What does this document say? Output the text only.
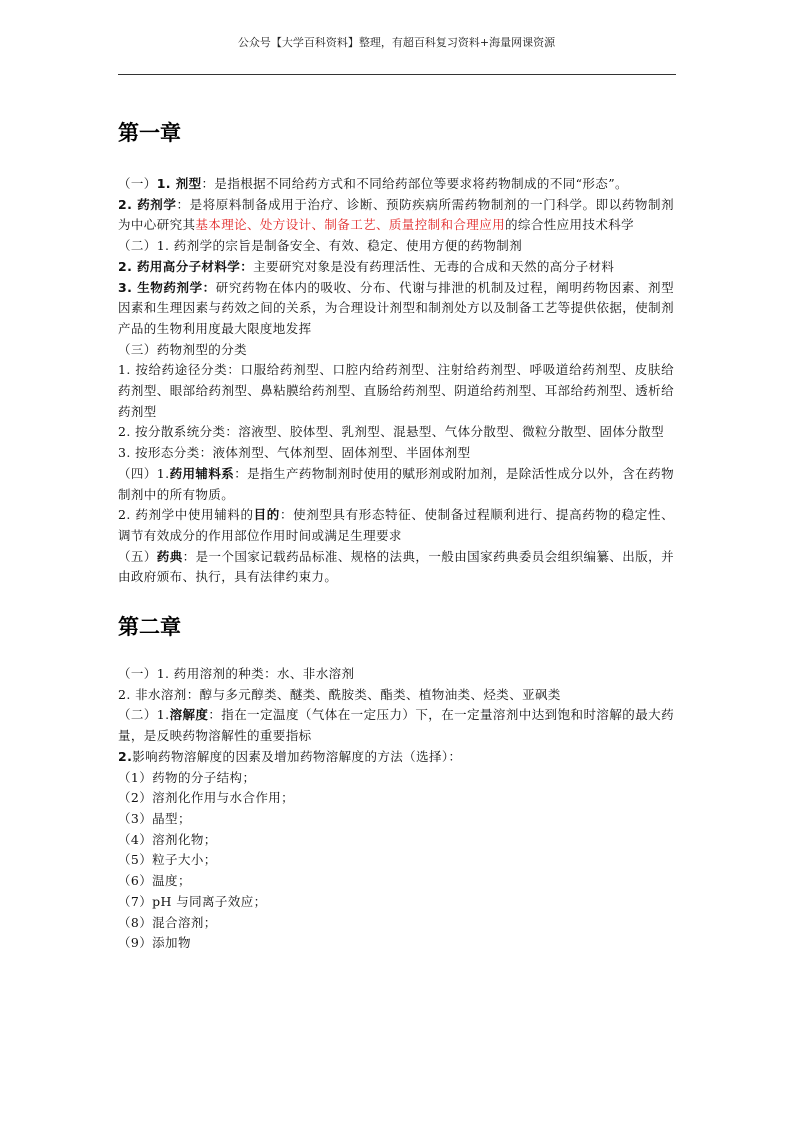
公众号【大学百科资料】整理，有超百科复习资料+海量网课资源
第一章

（一）1. 剂型：是指根据不同给药方式和不同给药部位等要求将药物制成的不同“形态”。

2. 药剂学：是将原料制备成用于治疗、诊断、预防疾病所需药物制剂的一门科学。即以药物制剂为中心研究其基本理论、处方设计、制备工艺、质量控制和合理应用的综合性应用技术科学

（二）1. 药剂学的宗旨是制备安全、有效、稳定、使用方便的药物制剂

2. 药用高分子材料学：主要研究对象是没有药理活性、无毒的合成和天然的高分子材料

3. 生物药剂学：研究药物在体内的吸收、分布、代谢与排泄的机制及过程，阐明药物因素、剂型因素和生理因素与药效之间的关系，为合理设计剂型和制剂处方以及制备工艺等提供依据，使制剂产品的生物利用度最大限度地发挥

（三）药物剂型的分类

1. 按给药途径分类：口服给药剂型、口腔内给药剂型、注射给药剂型、呼吸道给药剂型、皮肤给药剂型、眼部给药剂型、鼻粘膜给药剂型、直肠给药剂型、阴道给药剂型、耳部给药剂型、透析给药剂型

2. 按分散系统分类：溶液型、胶体型、乳剂型、混悬型、气体分散型、微粒分散型、固体分散型

3. 按形态分类：液体剂型、气体剂型、固体剂型、半固体剂型

（四）1.药用辅料系：是指生产药物制剂时使用的赋形剂或附加剂，是除活性成分以外，含在药物制剂中的所有物质。

2. 药剂学中使用辅料的目的：使剂型具有形态特征、使制备过程顺利进行、提高药物的稳定性、调节有效成分的作用部位作用时间或满足生理要求

（五）药典：是一个国家记载药品标准、规格的法典，一般由国家药典委员会组织编纂、出版，并由政府颁布、执行，具有法律约束力。

第二章

（一）1. 药用溶剂的种类：水、非水溶剂

2. 非水溶剂：醇与多元醇类、醚类、酰胺类、酯类、植物油类、烃类、亚砜类

（二）1.溶解度：指在一定温度（气体在一定压力）下，在一定量溶剂中达到饱和时溶解的最大药量，是反映药物溶解性的重要指标

2.影响药物溶解度的因素及增加药物溶解度的方法（选择）：

（1）药物的分子结构；

（2）溶剂化作用与水合作用；

（3）晶型；

（4）溶剂化物；

（5）粒子大小；

（6）温度；

（7）pH 与同离子效应；

（8）混合溶剂；

（9）添加物
